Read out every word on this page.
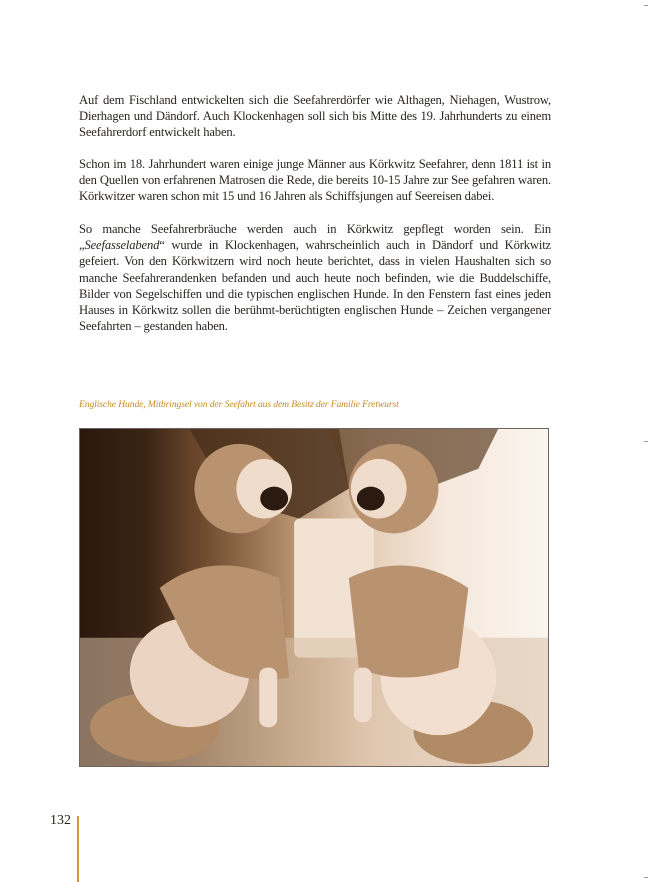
Auf dem Fischland entwickelten sich die Seefahrerdörfer wie Althagen, Niehagen, Wustrow, Dierhagen und Dändorf. Auch Klockenhagen soll sich bis Mitte des 19. Jahrhunderts zu einem Seefahrerdorf entwickelt haben.

Schon im 18. Jahrhundert waren einige junge Männer aus Körkwitz Seefahrer, denn 1811 ist in den Quellen von erfahrenen Matrosen die Rede, die bereits 10-15 Jahre zur See gefahren waren. Körkwitzer waren schon mit 15 und 16 Jahren als Schiffsjungen auf Seereisen dabei.

So manche Seefahrerbräuche werden auch in Körkwitz gepflegt worden sein. Ein „Seefasselabend“ wurde in Klockenhagen, wahrscheinlich auch in Dändorf und Körkwitz gefeiert. Von den Körkwitzern wird noch heute berichtet, dass in vielen Haushalten sich so manche Seefahrerandenken befanden und auch heute noch befinden, wie die Buddelschiffe, Bilder von Segelschiffen und die typischen englischen Hunde. In den Fenstern fast eines jeden Hauses in Körkwitz sollen die berühmt-berüchtigten englischen Hunde – Zeichen vergangener Seefahrten – gestanden haben.

Englische Hunde, Mitbringsel von der Seefahrt aus dem Besitz der Familie Fretwurst
132
